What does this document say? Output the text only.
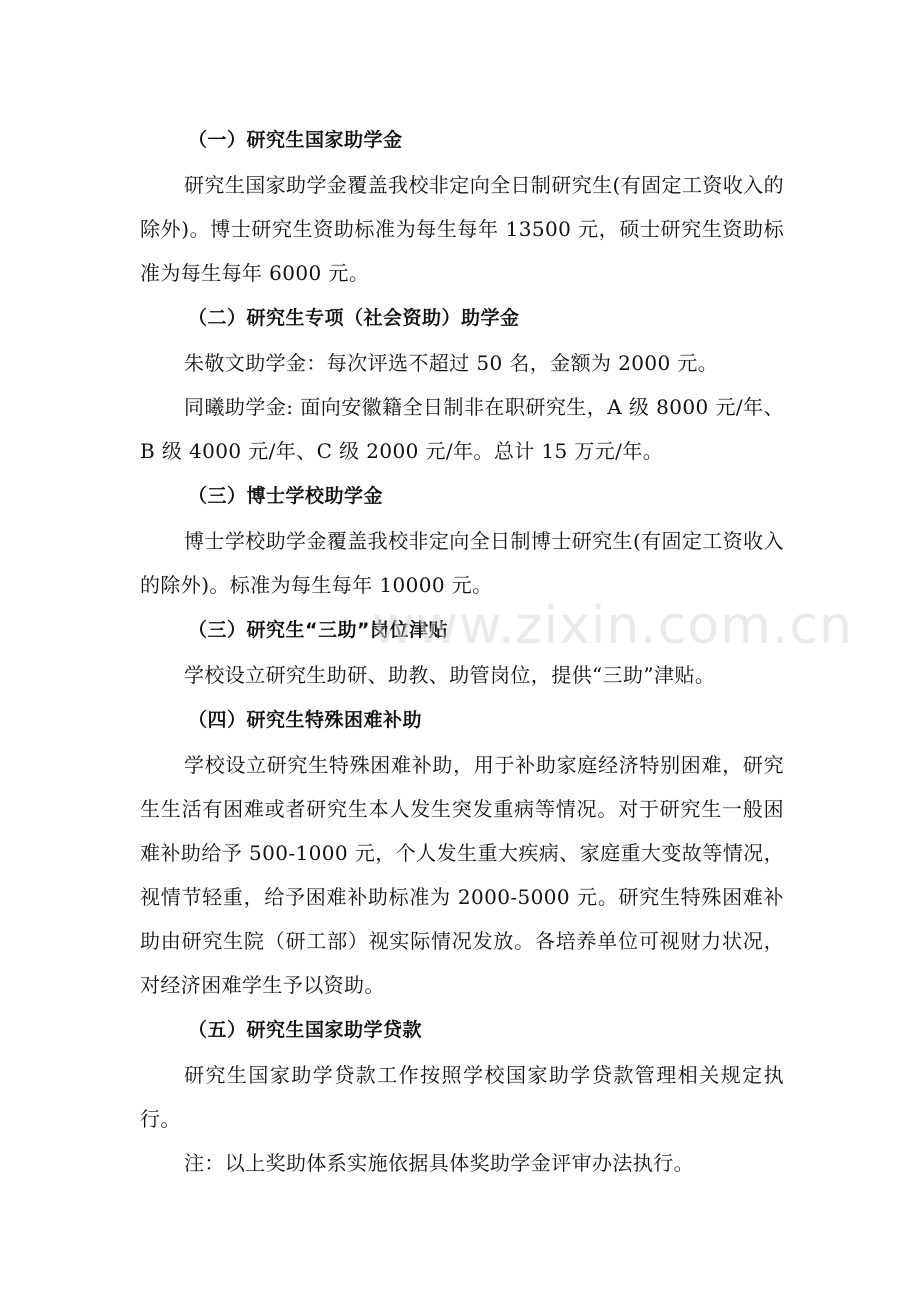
（一）研究生国家助学金

研究生国家助学金覆盖我校非定向全日制研究生(有固定工资收入的除外)。博士研究生资助标准为每生每年 13500 元，硕士研究生资助标准为每生每年 6000 元。

（二）研究生专项（社会资助）助学金

朱敬文助学金：每次评选不超过 50 名，金额为 2000 元。

同曦助学金: 面向安徽籍全日制非在职研究生，A 级 8000 元/年、B 级 4000 元/年、C 级 2000 元/年。总计 15 万元/年。

（三）博士学校助学金

博士学校助学金覆盖我校非定向全日制博士研究生(有固定工资收入的除外)。标准为每生每年 10000 元。

（三）研究生“三助”岗位津贴

学校设立研究生助研、助教、助管岗位，提供“三助”津贴。

（四）研究生特殊困难补助

学校设立研究生特殊困难补助，用于补助家庭经济特别困难，研究生生活有困难或者研究生本人发生突发重病等情况。对于研究生一般困难补助给予 500-1000 元，个人发生重大疾病、家庭重大变故等情况，视情节轻重，给予困难补助标准为 2000-5000 元。研究生特殊困难补助由研究生院（研工部）视实际情况发放。各培养单位可视财力状况，对经济困难学生予以资助。

（五）研究生国家助学贷款

研究生国家助学贷款工作按照学校国家助学贷款管理相关规定执行。

注：以上奖助体系实施依据具体奖助学金评审办法执行。

www.zixin.com.cn
